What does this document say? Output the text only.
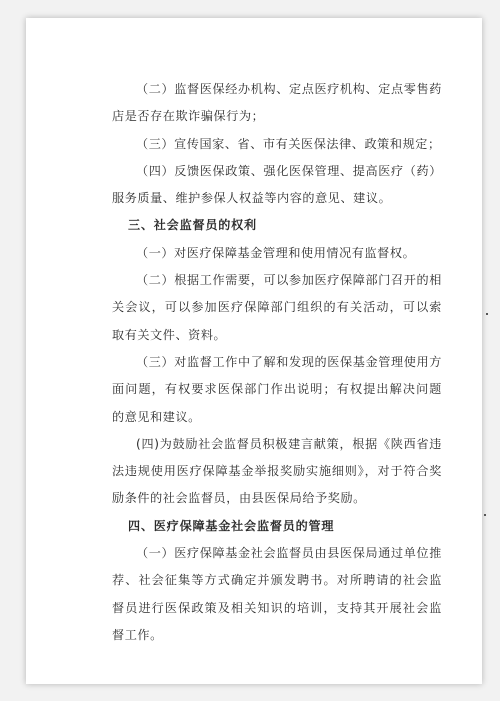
（二）监督医保经办机构、定点医疗机构、定点零售药店是否存在欺诈骗保行为；

（三）宣传国家、省、市有关医保法律、政策和规定；

（四）反馈医保政策、强化医保管理、提高医疗（药）服务质量、维护参保人权益等内容的意见、建议。

三、社会监督员的权利

（一）对医疗保障基金管理和使用情况有监督权。

（二）根据工作需要，可以参加医疗保障部门召开的相关会议，可以参加医疗保障部门组织的有关活动，可以索取有关文件、资料。

（三）对监督工作中了解和发现的医保基金管理使用方面问题，有权要求医保部门作出说明；有权提出解决问题的意见和建议。

(四)为鼓励社会监督员积极建言献策，根据《陕西省违法违规使用医疗保障基金举报奖励实施细则》，对于符合奖励条件的社会监督员，由县医保局给予奖励。

四、医疗保障基金社会监督员的管理

（一）医疗保障基金社会监督员由县医保局通过单位推荐、社会征集等方式确定并颁发聘书。对所聘请的社会监督员进行医保政策及相关知识的培训，支持其开展社会监督工作。
